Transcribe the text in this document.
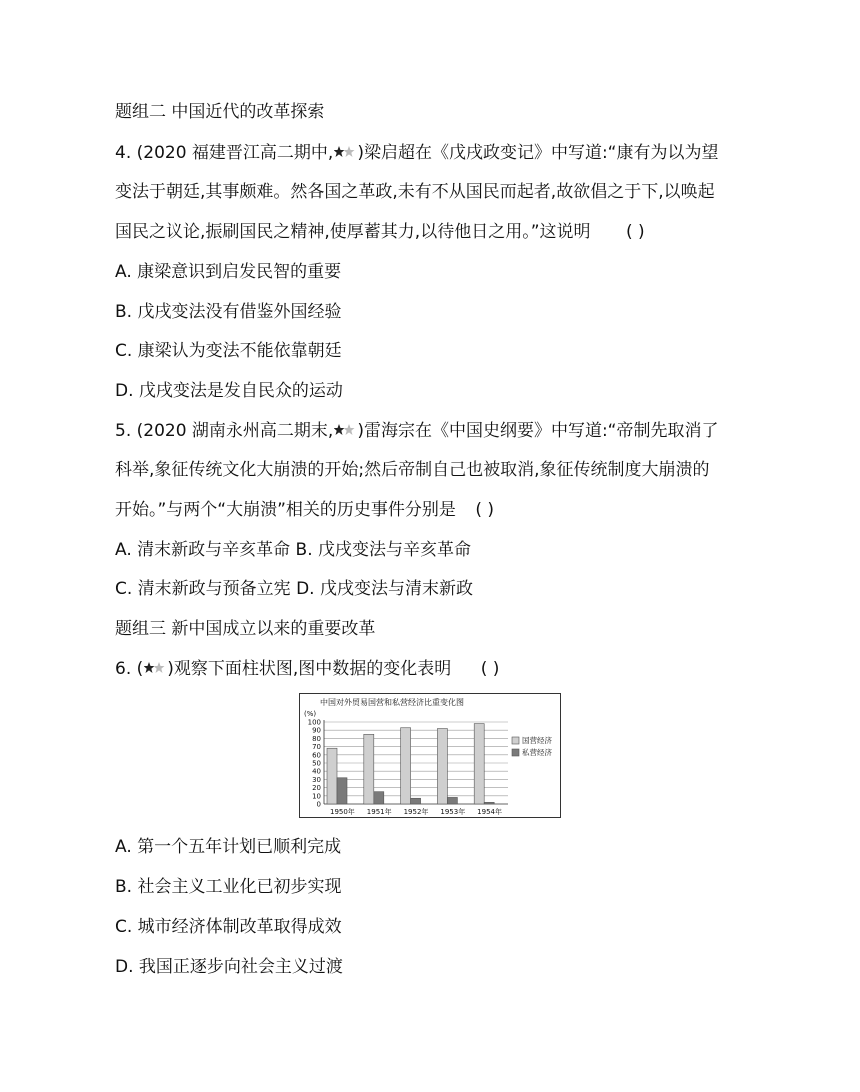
题组二 中国近代的改革探索
4. (2020 福建晋江高二期中, )梁启超在《戊戌政变记》中写道:“康有为以为望
变法于朝廷,其事颇难。然各国之革政,未有不从国民而起者,故欲倡之于下,以唤起
国民之议论,振刷国民之精神,使厚蓄其力,以待他日之用。”这说明 ( )
A. 康梁意识到启发民智的重要
B. 戊戌变法没有借鉴外国经验
C. 康梁认为变法不能依靠朝廷
D. 戊戌变法是发自民众的运动
5. (2020 湖南永州高二期末, )雷海宗在《中国史纲要》中写道:“帝制先取消了
科举,象征传统文化大崩溃的开始;然后帝制自己也被取消,象征传统制度大崩溃的
开始。”与两个“大崩溃”相关的历史事件分别是 ( )
A. 清末新政与辛亥革命 B. 戊戌变法与辛亥革命
C. 清末新政与预备立宪 D. 戊戌变法与清末新政
题组三 新中国成立以来的重要改革
6. ( )观察下面柱状图,图中数据的变化表明 ( )
中国对外贸易国营和私营经济比重变化图
(%)
0
10
20
30
40
50
60
70
80
90
100
1950年 1951年 1952年 1953年 1954年
国营经济
私营经济
A. 第一个五年计划已顺利完成
B. 社会主义工业化已初步实现
C. 城市经济体制改革取得成效
D. 我国正逐步向社会主义过渡
